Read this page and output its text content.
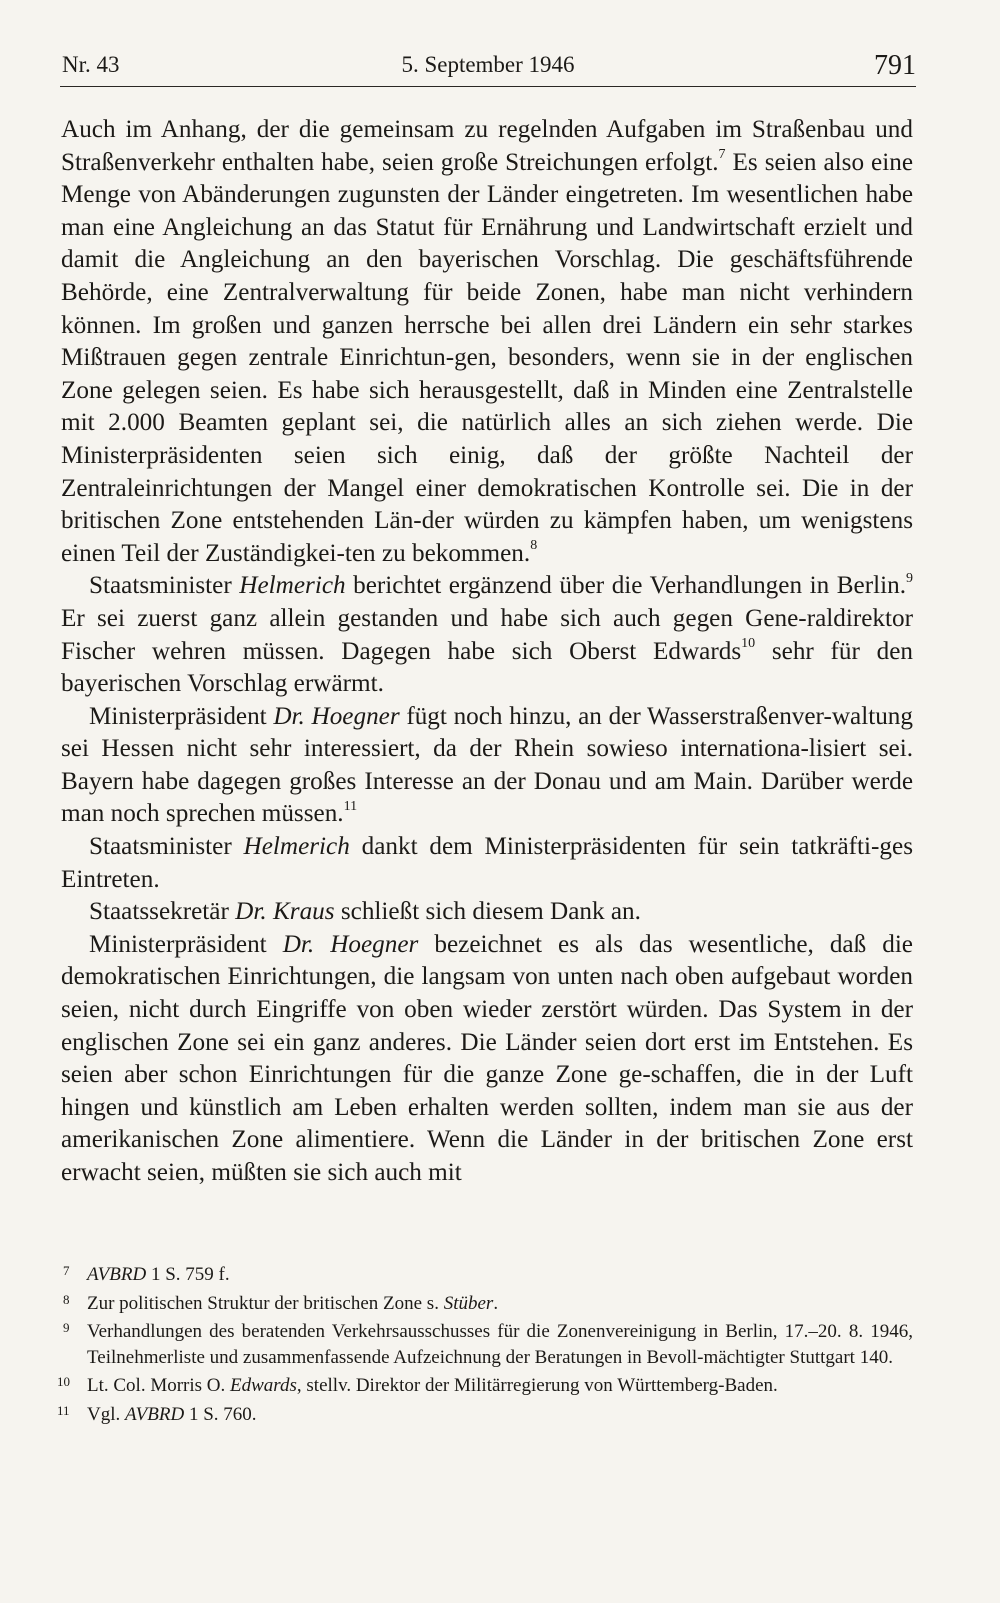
Nr. 43	5. September 1946	791

Auch im Anhang, der die gemeinsam zu regelnden Aufgaben im Straßenbau und Straßenverkehr enthalten habe, seien große Streichungen erfolgt.$^7$ Es seien also eine Menge von Abänderungen zugunsten der Länder eingetreten. Im wesentlichen habe man eine Angleichung an das Statut für Ernährung und Landwirtschaft erzielt und damit die Angleichung an den bayerischen Vorschlag. Die geschäftsführende Behörde, eine Zentralverwaltung für beide Zonen, habe man nicht verhindern können. Im großen und ganzen herrsche bei allen drei Ländern ein sehr starkes Mißtrauen gegen zentrale Einrichtun-gen, besonders, wenn sie in der englischen Zone gelegen seien. Es habe sich herausgestellt, daß in Minden eine Zentralstelle mit 2.000 Beamten geplant sei, die natürlich alles an sich ziehen werde. Die Ministerpräsidenten seien sich einig, daß der größte Nachteil der Zentraleinrichtungen der Mangel einer demokratischen Kontrolle sei. Die in der britischen Zone entstehenden Län-der würden zu kämpfen haben, um wenigstens einen Teil der Zuständigkei-ten zu bekommen.$^8$

Staatsminister Helmerich berichtet ergänzend über die Verhandlungen in Berlin.$^9$ Er sei zuerst ganz allein gestanden und habe sich auch gegen Gene-raldirektor Fischer wehren müssen. Dagegen habe sich Oberst Edwards$^{10}$ sehr für den bayerischen Vorschlag erwärmt.

Ministerpräsident Dr. Hoegner fügt noch hinzu, an der Wasserstraßenver-waltung sei Hessen nicht sehr interessiert, da der Rhein sowieso internationa-lisiert sei. Bayern habe dagegen großes Interesse an der Donau und am Main. Darüber werde man noch sprechen müssen.$^{11}$

Staatsminister Helmerich dankt dem Ministerpräsidenten für sein tatkräfti-ges Eintreten.

Staatssekretär Dr. Kraus schließt sich diesem Dank an.

Ministerpräsident Dr. Hoegner bezeichnet es als das wesentliche, daß die demokratischen Einrichtungen, die langsam von unten nach oben aufgebaut worden seien, nicht durch Eingriffe von oben wieder zerstört würden. Das System in der englischen Zone sei ein ganz anderes. Die Länder seien dort erst im Entstehen. Es seien aber schon Einrichtungen für die ganze Zone ge-schaffen, die in der Luft hingen und künstlich am Leben erhalten werden sollten, indem man sie aus der amerikanischen Zone alimentiere. Wenn die Länder in der britischen Zone erst erwacht seien, müßten sie sich auch mit

7 AVBRD 1 S. 759 f.
8 Zur politischen Struktur der britischen Zone s. Stüber.
9 Verhandlungen des beratenden Verkehrsausschusses für die Zonenvereinigung in Berlin, 17.–20. 8. 1946, Teilnehmerliste und zusammenfassende Aufzeichnung der Beratungen in Bevoll-mächtigter Stuttgart 140.
10 Lt. Col. Morris O. Edwards, stellv. Direktor der Militärregierung von Württemberg-Baden.
11 Vgl. AVBRD 1 S. 760.
